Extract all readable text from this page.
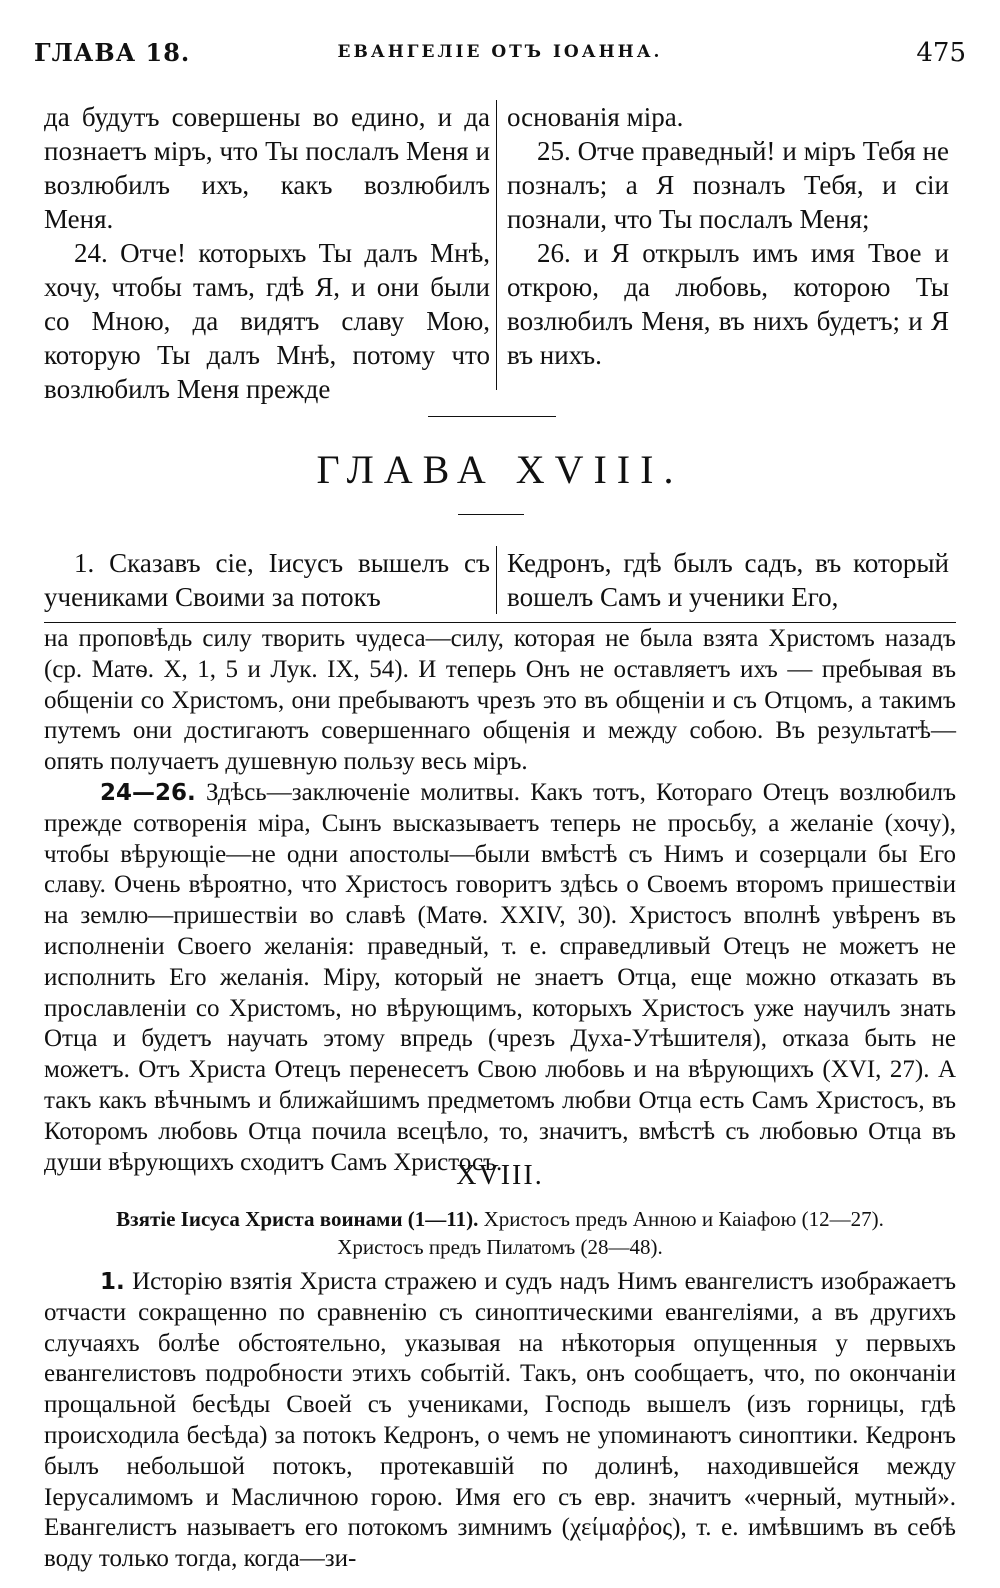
ГЛАВА 18.	ЕВАНГЕЛІЕ ОТЪ ІОАННА.	475

да будутъ совершены во едино, и да познаетъ міръ, что Ты послалъ Меня и возлюбилъ ихъ, какъ возлюбилъ Меня.

24. Отче! которыхъ Ты далъ Мнѣ, хочу, чтобы тамъ, гдѣ Я, и они были со Мною, да видятъ славу Мою, которую Ты далъ Мнѣ, потому что возлюбилъ Меня прежде

основанія міра.

25. Отче праведный! и міръ Тебя не позналъ; а Я позналъ Тебя, и сіи познали, что Ты послалъ Меня;

26. и Я открылъ имъ имя Твое и открою, да любовь, которою Ты возлюбилъ Меня, въ нихъ будетъ; и Я въ нихъ.

ГЛАВА XVIII.

1. Сказавъ сіе, Іисусъ вышелъ съ учениками Своими за потокъ

Кедронъ, гдѣ былъ садъ, въ который вошелъ Самъ и ученики Его,

на проповѣдь силу творить чудеса—силу, которая не была взята Христомъ назадъ (ср. Матѳ. X, 1, 5 и Лук. IX, 54). И теперь Онъ не оставляетъ ихъ — пребывая въ общеніи со Христомъ, они пребываютъ чрезъ это въ общеніи и съ Отцомъ, а такимъ путемъ они достигаютъ совершеннаго общенія и между собою. Въ результатѣ—опять получаетъ душевную пользу весь міръ.

24—26. Здѣсь—заключеніе молитвы. Какъ тотъ, Котораго Отецъ возлюбилъ прежде сотворенія міра, Сынъ высказываетъ теперь не просьбу, а желаніе (хочу), чтобы вѣрующіе—не одни апостолы—были вмѣстѣ съ Нимъ и созерцали бы Его славу. Очень вѣроятно, что Христосъ говоритъ здѣсь о Своемъ второмъ пришествіи на землю—пришествіи во славѣ (Матѳ. XXIV, 30). Христосъ вполнѣ увѣренъ въ исполненіи Своего желанія: праведный, т. е. справедливый Отецъ не можетъ не исполнить Его желанія. Міру, который не знаетъ Отца, еще можно отказать въ прославленіи со Христомъ, но вѣрующимъ, которыхъ Христосъ уже научилъ знать Отца и будетъ научать этому впредь (чрезъ Духа-Утѣшителя), отказа быть не можетъ. Отъ Христа Отецъ перенесетъ Свою любовь и на вѣрующихъ (XVI, 27). А такъ какъ вѣчнымъ и ближайшимъ предметомъ любви Отца есть Самъ Христосъ, въ Которомъ любовь Отца почила всецѣло, то, значитъ, вмѣстѣ съ любовью Отца въ души вѣрующихъ сходитъ Самъ Христосъ.

XVIII.
Взятіе Іисуса Христа воинами (1—11). Христосъ предъ Анною и Каіафою (12—27).
Христосъ предъ Пилатомъ (28—48).

1. Исторію взятія Христа стражею и судъ надъ Нимъ евангелистъ изображаетъ отчасти сокращенно по сравненію съ синоптическими евангеліями, а въ другихъ случаяхъ болѣе обстоятельно, указывая на нѣкоторыя опущенныя у первыхъ евангелистовъ подробности этихъ событій. Такъ, онъ сообщаетъ, что, по окончаніи прощальной бесѣды Своей съ учениками, Господь вышелъ (изъ горницы, гдѣ происходила бесѣда) за потокъ Кедронъ, о чемъ не упоминаютъ синоптики. Кедронъ былъ небольшой потокъ, протекавшій по долинѣ, находившейся между Іерусалимомъ и Масличною горою. Имя его съ евр. значитъ «черный, мутный». Евангелистъ называетъ его потокомъ зимнимъ (χείμαῤῥος), т. е. имѣвшимъ въ себѣ воду только тогда, когда—зи-
